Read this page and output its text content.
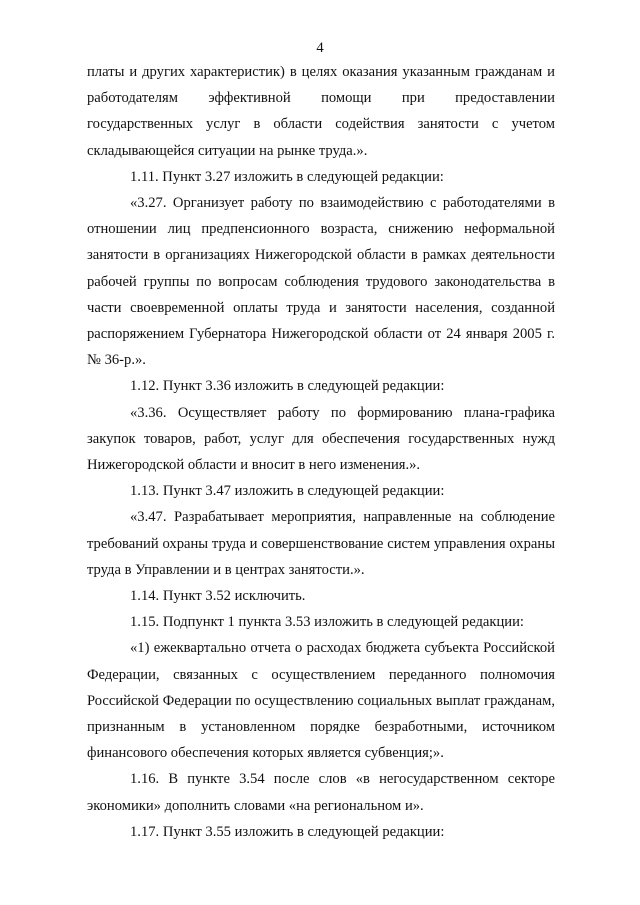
4

платы и других характеристик) в целях оказания указанным гражданам и работодателям эффективной помощи при предоставлении государственных услуг в области содействия занятости с учетом складывающейся ситуации на рынке труда.».

1.11. Пункт 3.27 изложить в следующей редакции:

«3.27. Организует работу по взаимодействию с работодателями в отношении лиц предпенсионного возраста, снижению неформальной занятости в организациях Нижегородской области в рамках деятельности рабочей группы по вопросам соблюдения трудового законодательства в части своевременной оплаты труда и занятости населения, созданной распоряжением Губернатора Нижегородской области от 24 января 2005 г. № 36-р.».

1.12. Пункт 3.36 изложить в следующей редакции:

«3.36. Осуществляет работу по формированию плана-графика закупок товаров, работ, услуг для обеспечения государственных нужд Нижегородской области и вносит в него изменения.».

1.13. Пункт 3.47 изложить в следующей редакции:

«3.47. Разрабатывает мероприятия, направленные на соблюдение требований охраны труда и совершенствование систем управления охраны труда в Управлении и в центрах занятости.».

1.14. Пункт 3.52 исключить.

1.15. Подпункт 1 пункта 3.53 изложить в следующей редакции:

«1) ежеквартально отчета о расходах бюджета субъекта Российской Федерации, связанных с осуществлением переданного полномочия Российской Федерации по осуществлению социальных выплат гражданам, признанным в установленном порядке безработными, источником финансового обеспечения которых является субвенция;».

1.16. В пункте 3.54 после слов «в негосударственном секторе экономики» дополнить словами «на региональном и».

1.17. Пункт 3.55 изложить в следующей редакции:
